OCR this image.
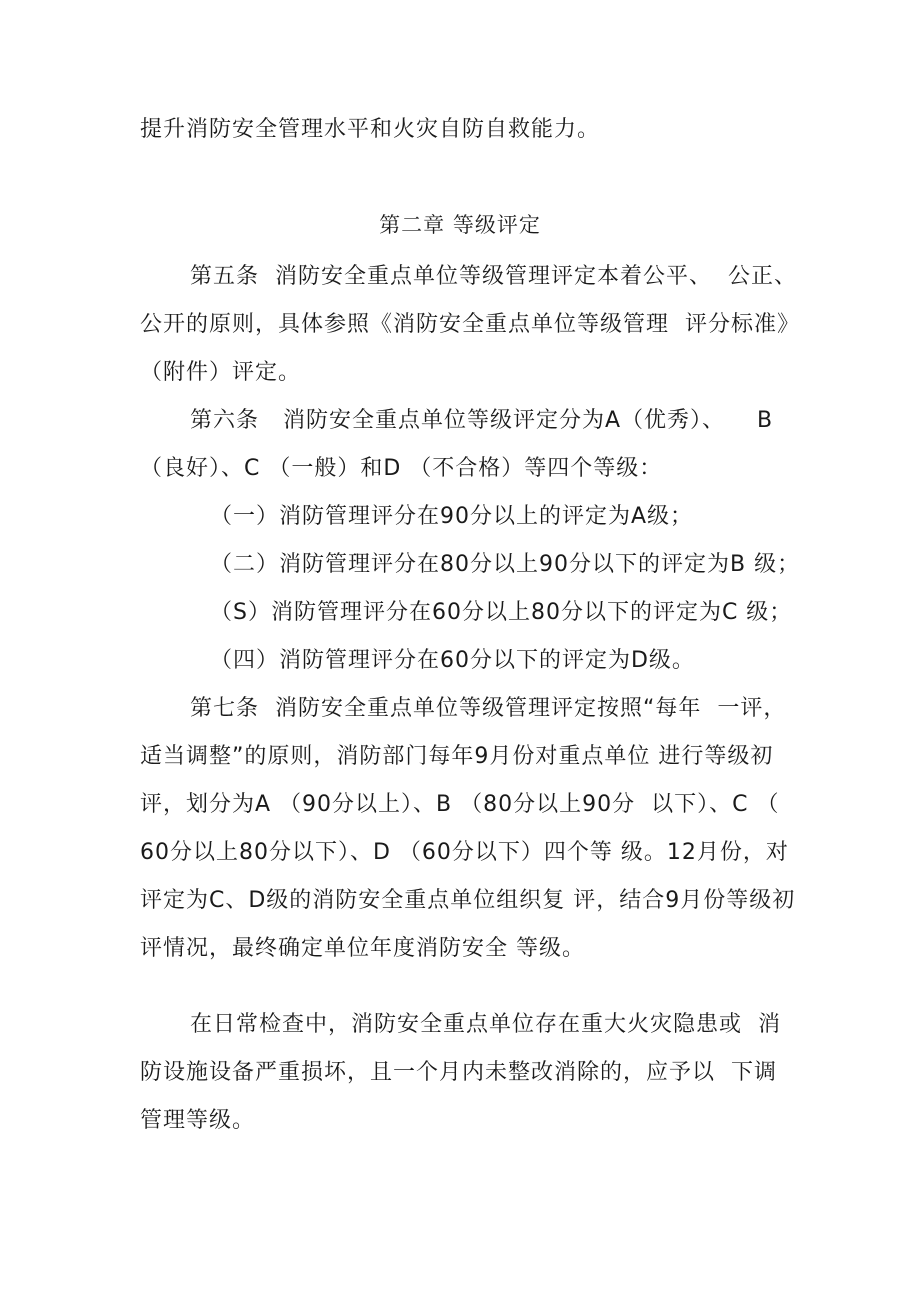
提升消防安全管理水平和火灾自防自救能力。
第二章 等级评定
第五条  消防安全重点单位等级管理评定本着公平、  公正、
公开的原则，具体参照《消防安全重点单位等级管理  评分标准》
（附件）评定。
第六条   消防安全重点单位等级评定分为A（优秀）、    B
（良好）、C （一般）和D （不合格）等四个等级：
（一）消防管理评分在90分以上的评定为A级；
（二）消防管理评分在80分以上90分以下的评定为B 级；
（S）消防管理评分在60分以上80分以下的评定为C 级；
（四）消防管理评分在60分以下的评定为D级。
第七条  消防安全重点单位等级管理评定按照“每年  一评，
适当调整”的原则，消防部门每年9月份对重点单位 进行等级初
评，划分为A （90分以上）、B （80分以上90分  以下）、C （
60分以上80分以下）、D （60分以下）四个等 级。12月份，对
评定为C、D级的消防安全重点单位组织复 评，结合9月份等级初
评情况，最终确定单位年度消防安全 等级。
在日常检查中，消防安全重点单位存在重大火灾隐患或  消
防设施设备严重损坏，且一个月内未整改消除的，应予以  下调
管理等级。
